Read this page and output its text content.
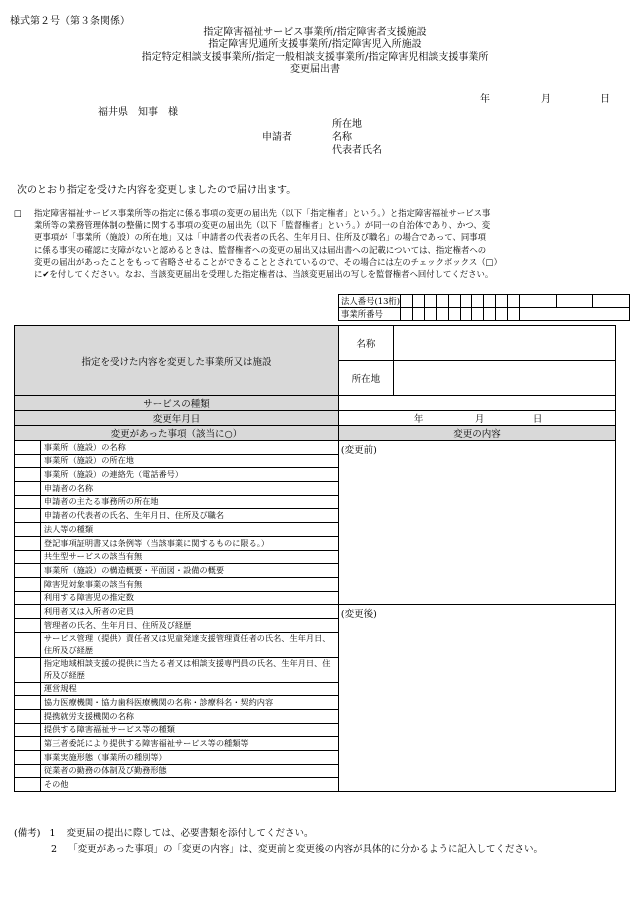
様式第２号（第３条関係）
指定障害福祉サービス事業所/指定障害者支援施設
指定障害児通所支援事業所/指定障害児入所施設
指定特定相談支援事業所/指定一般相談支援事業所/指定障害児相談支援事業所
変更届出書
年	月	日
福井県　知事　様
申請者
所在地
名称
代表者氏名
次のとおり指定を受けた内容を変更しましたので届け出ます。
□ 指定障害福祉サービス事業所等の指定に係る事項の変更の届出先（以下「指定権者」という。）と指定障害福祉サービス事
業所等の業務管理体制の整備に関する事項の変更の届出先（以下「監督権者」という。）が同一の自治体であり、かつ、変
更事項が「事業所（施設）の所在地」又は「申請者の代表者の氏名、生年月日、住所及び職名」の場合であって、同事項
に係る事実の確認に支障がないと認めるときは、監督権者への変更の届出又は届出書への記載については、指定権者への
変更の届出があったことをもって省略させることができることとされているので、その場合には左のチェックボックス（□）
に✔を付してください。なお、当該変更届出を受理した指定権者は、当該変更届出の写しを監督権者へ回付してください。
法人番号(13桁)													
事業所番号													
指定を受けた内容を変更した事業所又は施設		名称	
		所在地	
サービスの種類			
変更年月日		年 月 日	

変更があった事項（該当に○）		変更の内容	
	事業所（施設）の名称	(変更前)	
	事業所（施設）の所在地		
	事業所（施設）の連絡先（電話番号）		
	申請者の名称		
	申請者の主たる事務所の所在地		
	申請者の代表者の氏名、生年月日、住所及び職名		
	法人等の種類		
	登記事項証明書又は条例等（当該事業に関するものに限る。）		
	共生型サービスの該当有無		
	事業所（施設）の構造概要・平面図・設備の概要		
	障害児対象事業の該当有無		
	利用する障害児の推定数		
	利用者又は入所者の定員	(変更後)	
	管理者の氏名、生年月日、住所及び経歴		
	サービス管理（提供）責任者又は児童発達支援管理責任者の氏名、生年月日、住所及び経歴		
	指定地域相談支援の提供に当たる者又は相談支援専門員の氏名、生年月日、住所及び経歴		
	運営規程		
	協力医療機関・協力歯科医療機関の名称・診療科名・契約内容		
	提携就労支援機関の名称		
	提供する障害福祉サービス等の種類		
	第三者委託により提供する障害福祉サービス等の種類等		
	事業実施形態（事業所の種別等）		
	従業者の勤務の体制及び勤務形態		
	その他		
(備考) 1 変更届の提出に際しては、必要書類を添付してください。
2 「変更があった事項」の「変更の内容」は、変更前と変更後の内容が具体的に分かるように記入してください。
